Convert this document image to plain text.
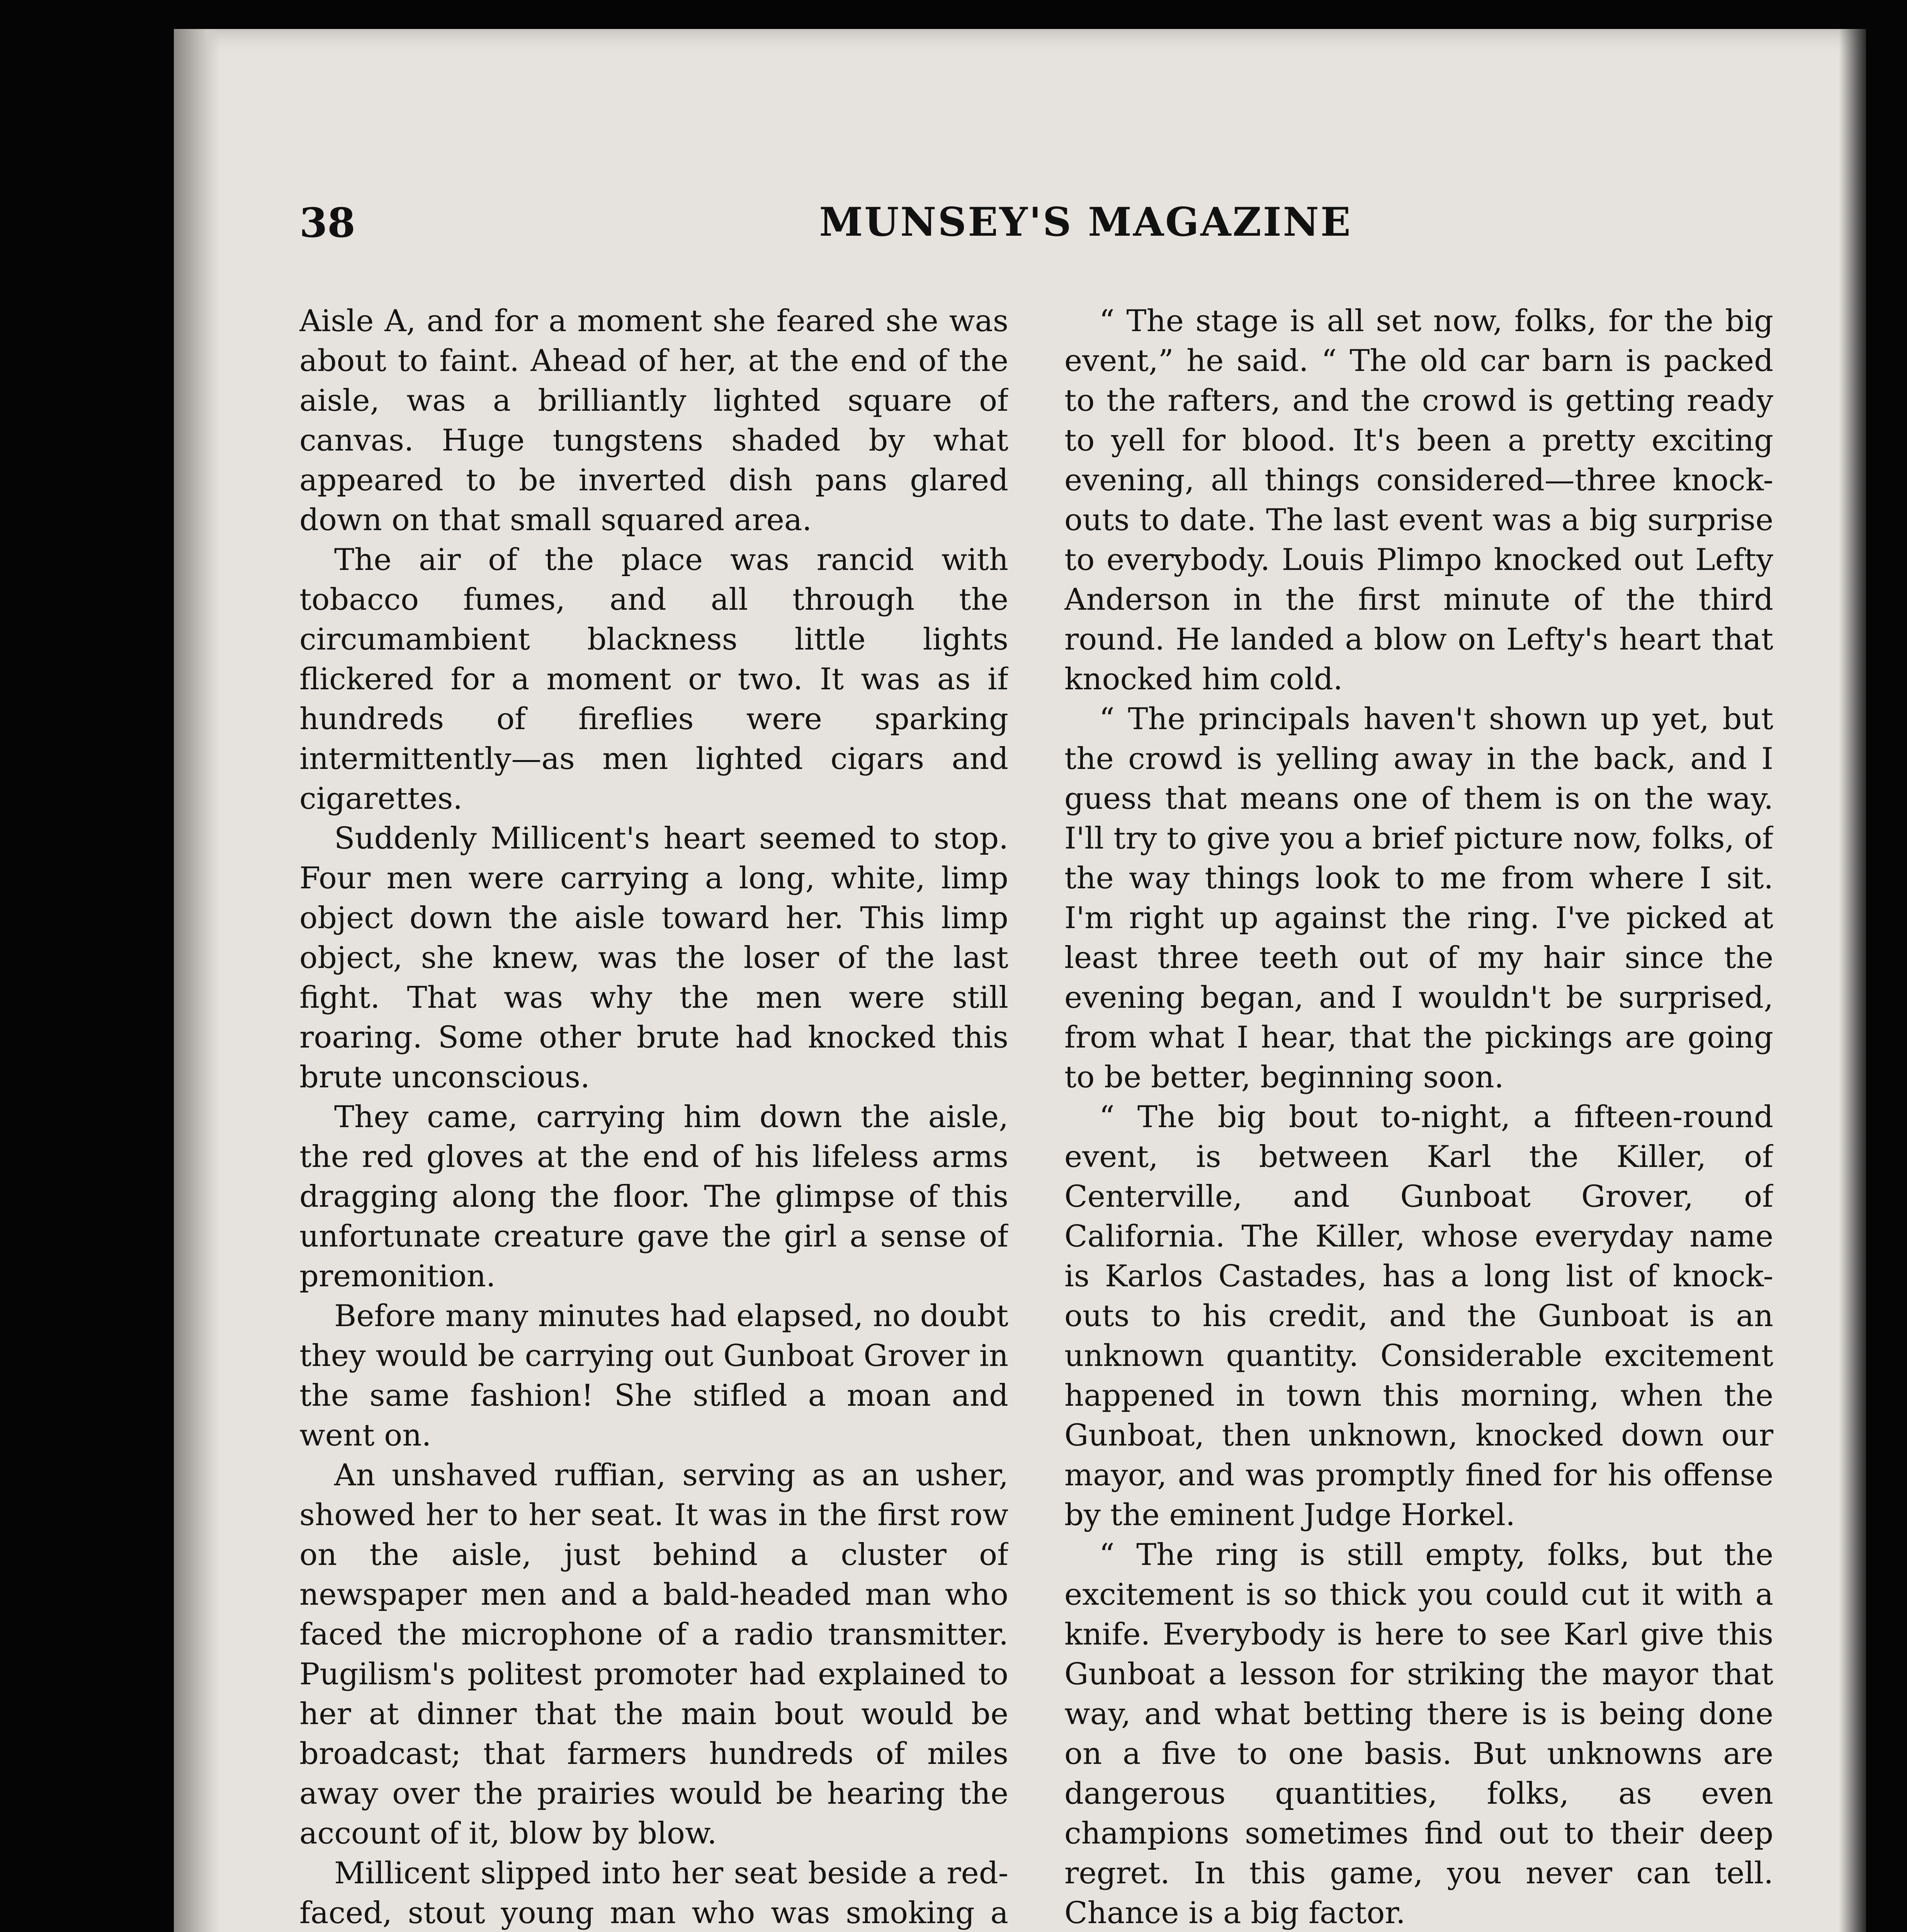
38	MUNSEY'S MAGAZINE

Aisle A, and for a moment she feared she was about to faint. Ahead of her, at the end of the aisle, was a brilliantly lighted square of canvas. Huge tungstens shaded by what appeared to be inverted dish pans glared down on that small squared area.

The air of the place was rancid with tobacco fumes, and all through the circumambient blackness little lights flickered for a moment or two. It was as if hundreds of fireflies were sparking intermittently—as men lighted cigars and cigarettes.

Suddenly Millicent's heart seemed to stop. Four men were carrying a long, white, limp object down the aisle toward her. This limp object, she knew, was the loser of the last fight. That was why the men were still roaring. Some other brute had knocked this brute unconscious.

They came, carrying him down the aisle, the red gloves at the end of his lifeless arms dragging along the floor. The glimpse of this unfortunate creature gave the girl a sense of premonition.

Before many minutes had elapsed, no doubt they would be carrying out Gunboat Grover in the same fashion! She stifled a moan and went on.

An unshaved ruffian, serving as an usher, showed her to her seat. It was in the first row on the aisle, just behind a cluster of newspaper men and a bald-headed man who faced the microphone of a radio transmitter. Pugilism's politest promoter had explained to her at dinner that the main bout would be broadcast; that farmers hundreds of miles away over the prairies would be hearing the account of it, blow by blow.

Millicent slipped into her seat beside a red-faced, stout young man who was smoking a

“ The stage is all set now, folks, for the big event,” he said. “ The old car barn is packed to the rafters, and the crowd is getting ready to yell for blood. It's been a pretty exciting evening, all things considered—three knock-outs to date. The last event was a big surprise to everybody. Louis Plimpo knocked out Lefty Anderson in the first minute of the third round. He landed a blow on Lefty's heart that knocked him cold.

“ The principals haven't shown up yet, but the crowd is yelling away in the back, and I guess that means one of them is on the way. I'll try to give you a brief picture now, folks, of the way things look to me from where I sit. I'm right up against the ring. I've picked at least three teeth out of my hair since the evening began, and I wouldn't be surprised, from what I hear, that the pickings are going to be better, beginning soon.

“ The big bout to-night, a fifteen-round event, is between Karl the Killer, of Centerville, and Gunboat Grover, of California. The Killer, whose everyday name is Karlos Castades, has a long list of knock-outs to his credit, and the Gunboat is an unknown quantity. Considerable excitement happened in town this morning, when the Gunboat, then unknown, knocked down our mayor, and was promptly fined for his offense by the eminent Judge Horkel.

“ The ring is still empty, folks, but the excitement is so thick you could cut it with a knife. Everybody is here to see Karl give this Gunboat a lesson for striking the mayor that way, and what betting there is is being done on a five to one basis. But unknowns are dangerous quantities, folks, as even champions sometimes find out to their deep regret. In this game, you never can tell. Chance is a big factor.
